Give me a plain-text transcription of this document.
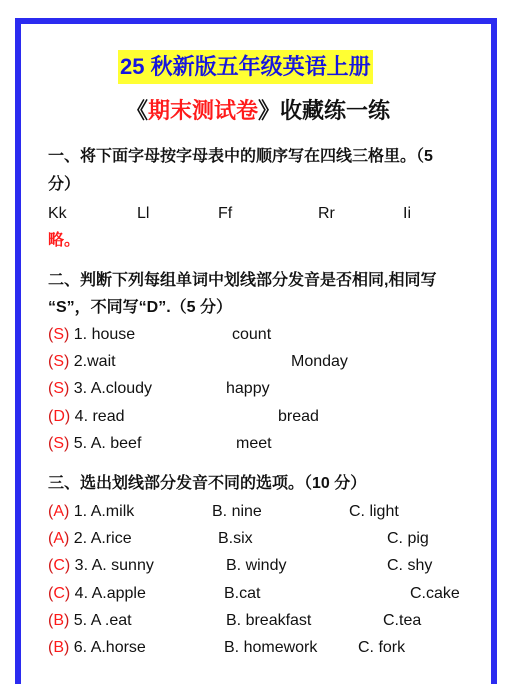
25 秋新版五年级英语上册
《期末测试卷》收藏练一练
一、将下面字母按字母表中的顺序写在四线三格里。（5
分）
Kk	Ll	Ff	Rr	Ii
略。
二、判断下列每组单词中划线部分发音是否相同,相同写
“S”，不同写“D”.（5 分）
(S) 1. house	count
(S) 2.wait	Monday
(S) 3. A.cloudy	happy
(D) 4. read	bread
(S) 5. A. beef	meet
三、选出划线部分发音不同的选项。（10 分）
(A) 1. A.milk	B. nine	C. light
(A) 2. A.rice	B.six	C. pig
(C) 3. A. sunny	B. windy	C. shy
(C) 4. A.apple	B.cat	C.cake
(B) 5. A .eat	B. breakfast	C.tea
(B) 6. A.horse	B. homework	C. fork
